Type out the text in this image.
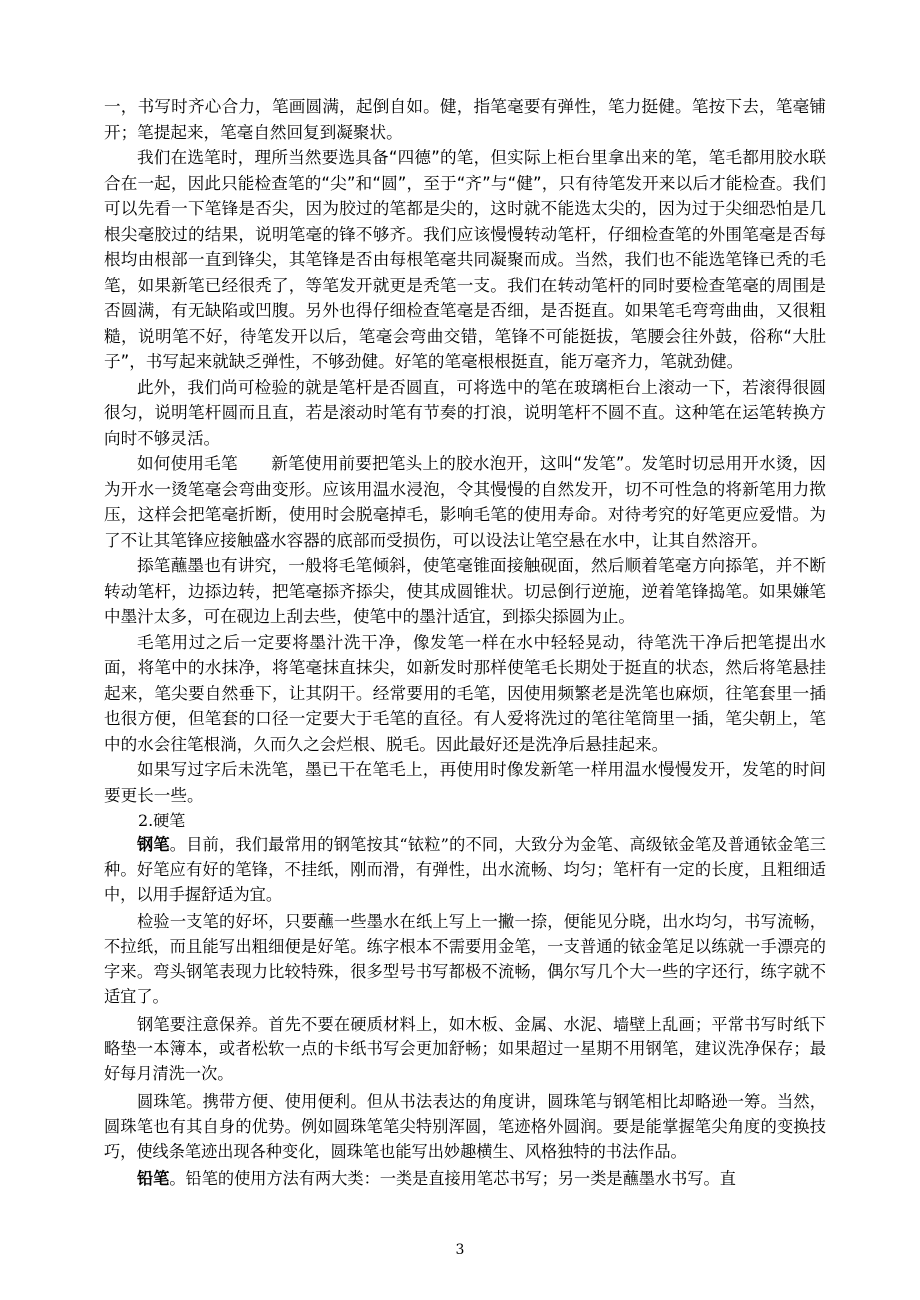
一，书写时齐心合力，笔画圆满，起倒自如。健，指笔毫要有弹性，笔力挺健。笔按下去，笔毫铺开；笔提起来，笔毫自然回复到凝聚状。

我们在选笔时，理所当然要选具备“四德”的笔，但实际上柜台里拿出来的笔，笔毛都用胶水联合在一起，因此只能检查笔的“尖”和“圆”，至于“齐”与“健”，只有待笔发开来以后才能检查。我们可以先看一下笔锋是否尖，因为胶过的笔都是尖的，这时就不能选太尖的，因为过于尖细恐怕是几根尖毫胶过的结果，说明笔毫的锋不够齐。我们应该慢慢转动笔杆，仔细检查笔的外围笔毫是否每根均由根部一直到锋尖，其笔锋是否由每根笔毫共同凝聚而成。当然，我们也不能选笔锋已秃的毛笔，如果新笔已经很秃了，等笔发开就更是秃笔一支。我们在转动笔杆的同时要检查笔毫的周围是否圆满，有无缺陷或凹腹。另外也得仔细检查笔毫是否细，是否挺直。如果笔毛弯弯曲曲，又很粗糙，说明笔不好，待笔发开以后，笔毫会弯曲交错，笔锋不可能挺拔，笔腰会往外鼓，俗称“大肚子”，书写起来就缺乏弹性，不够劲健。好笔的笔毫根根挺直，能万毫齐力，笔就劲健。

此外，我们尚可检验的就是笔杆是否圆直，可将选中的笔在玻璃柜台上滚动一下，若滚得很圆很匀，说明笔杆圆而且直，若是滚动时笔有节奏的打浪，说明笔杆不圆不直。这种笔在运笔转换方向时不够灵活。

如何使用毛笔　　新笔使用前要把笔头上的胶水泡开，这叫“发笔”。发笔时切忌用开水烫，因为开水一烫笔毫会弯曲变形。应该用温水浸泡，令其慢慢的自然发开，切不可性急的将新笔用力揿压，这样会把笔毫折断，使用时会脱毫掉毛，影响毛笔的使用寿命。对待考究的好笔更应爱惜。为了不让其笔锋应接触盛水容器的底部而受损伤，可以设法让笔空悬在水中，让其自然溶开。

掭笔蘸墨也有讲究，一般将毛笔倾斜，使笔毫锥面接触砚面，然后顺着笔毫方向掭笔，并不断转动笔杆，边掭边转，把笔毫掭齐掭尖，使其成圆锥状。切忌倒行逆施，逆着笔锋捣笔。如果嫌笔中墨汁太多，可在砚边上刮去些，使笔中的墨汁适宜，到掭尖掭圆为止。

毛笔用过之后一定要将墨汁洗干净，像发笔一样在水中轻轻晃动，待笔洗干净后把笔提出水面，将笔中的水抹净，将笔毫抹直抹尖，如新发时那样使笔毛长期处于挺直的状态，然后将笔悬挂起来，笔尖要自然垂下，让其阴干。经常要用的毛笔，因使用频繁老是洗笔也麻烦，往笔套里一插也很方便，但笔套的口径一定要大于毛笔的直径。有人爱将洗过的笔往笔筒里一插，笔尖朝上，笔中的水会往笔根淌，久而久之会烂根、脱毛。因此最好还是洗净后悬挂起来。

如果写过字后未洗笔，墨已干在笔毛上，再使用时像发新笔一样用温水慢慢发开，发笔的时间要更长一些。

2.硬笔

钢笔。目前，我们最常用的钢笔按其“铱粒”的不同，大致分为金笔、高级铱金笔及普通铱金笔三种。好笔应有好的笔锋，不挂纸，刚而滑，有弹性，出水流畅、均匀；笔杆有一定的长度，且粗细适中，以用手握舒适为宜。

检验一支笔的好坏，只要蘸一些墨水在纸上写上一撇一捺，便能见分晓，出水均匀，书写流畅，不拉纸，而且能写出粗细便是好笔。练字根本不需要用金笔，一支普通的铱金笔足以练就一手漂亮的字来。弯头钢笔表现力比较特殊，很多型号书写都极不流畅，偶尔写几个大一些的字还行，练字就不适宜了。

钢笔要注意保养。首先不要在硬质材料上，如木板、金属、水泥、墙壁上乱画；平常书写时纸下略垫一本簿本，或者松软一点的卡纸书写会更加舒畅；如果超过一星期不用钢笔，建议洗净保存；最好每月清洗一次。

圆珠笔。携带方便、使用便利。但从书法表达的角度讲，圆珠笔与钢笔相比却略逊一筹。当然，圆珠笔也有其自身的优势。例如圆珠笔笔尖特别浑圆，笔迹格外圆润。要是能掌握笔尖角度的变换技巧，使线条笔迹出现各种变化，圆珠笔也能写出妙趣横生、风格独特的书法作品。

铅笔。铅笔的使用方法有两大类：一类是直接用笔芯书写；另一类是蘸墨水书写。直

3
